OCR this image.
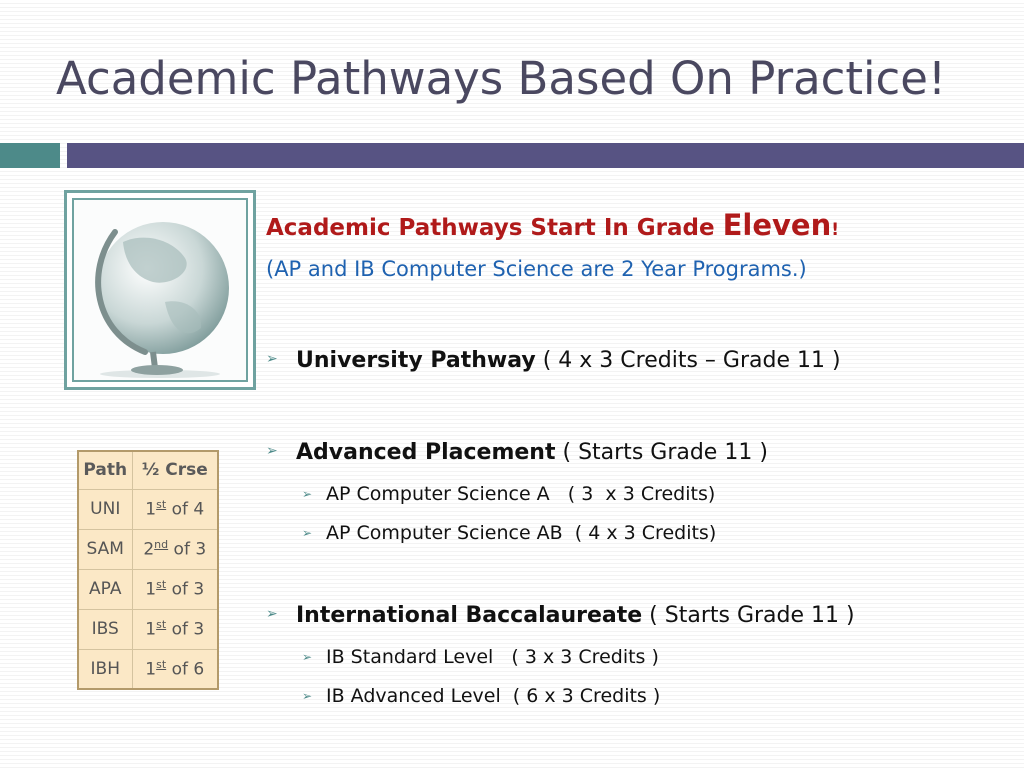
Academic Pathways Based On Practice!
Academic Pathways Start In Grade Eleven!
(AP and IB Computer Science are 2 Year Programs.)
➢ University Pathway ( 4 x 3 Credits – Grade 11 )
➢ Advanced Placement ( Starts Grade 11 )
➢ AP Computer Science A   ( 3  x 3 Credits)
➢ AP Computer Science AB  ( 4 x 3 Credits)
➢ International Baccalaureate ( Starts Grade 11 )
➢ IB Standard Level   ( 3 x 3 Credits )
➢ IB Advanced Level  ( 6 x 3 Credits )
Path	½ Crse
UNI	1st of 4
SAM	2nd of 3
APA	1st of 3
IBS	1st of 3
IBH	1st of 6
